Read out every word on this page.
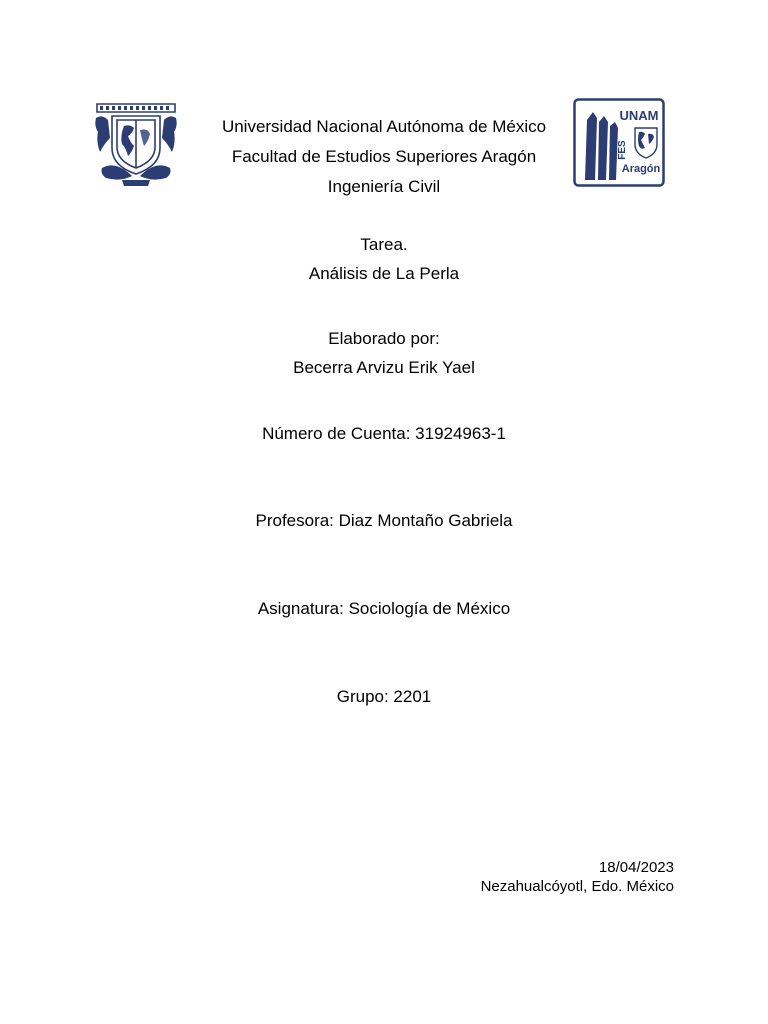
UNAM
FES
Aragón
Universidad Nacional Autónoma de México
Facultad de Estudios Superiores Aragón
Ingeniería Civil
Tarea.
Análisis de La Perla
Elaborado por:
Becerra Arvizu Erik Yael
Número de Cuenta: 31924963-1
Profesora: Diaz Montaño Gabriela
Asignatura: Sociología de México
Grupo: 2201
18/04/2023
Nezahualcóyotl, Edo. México
